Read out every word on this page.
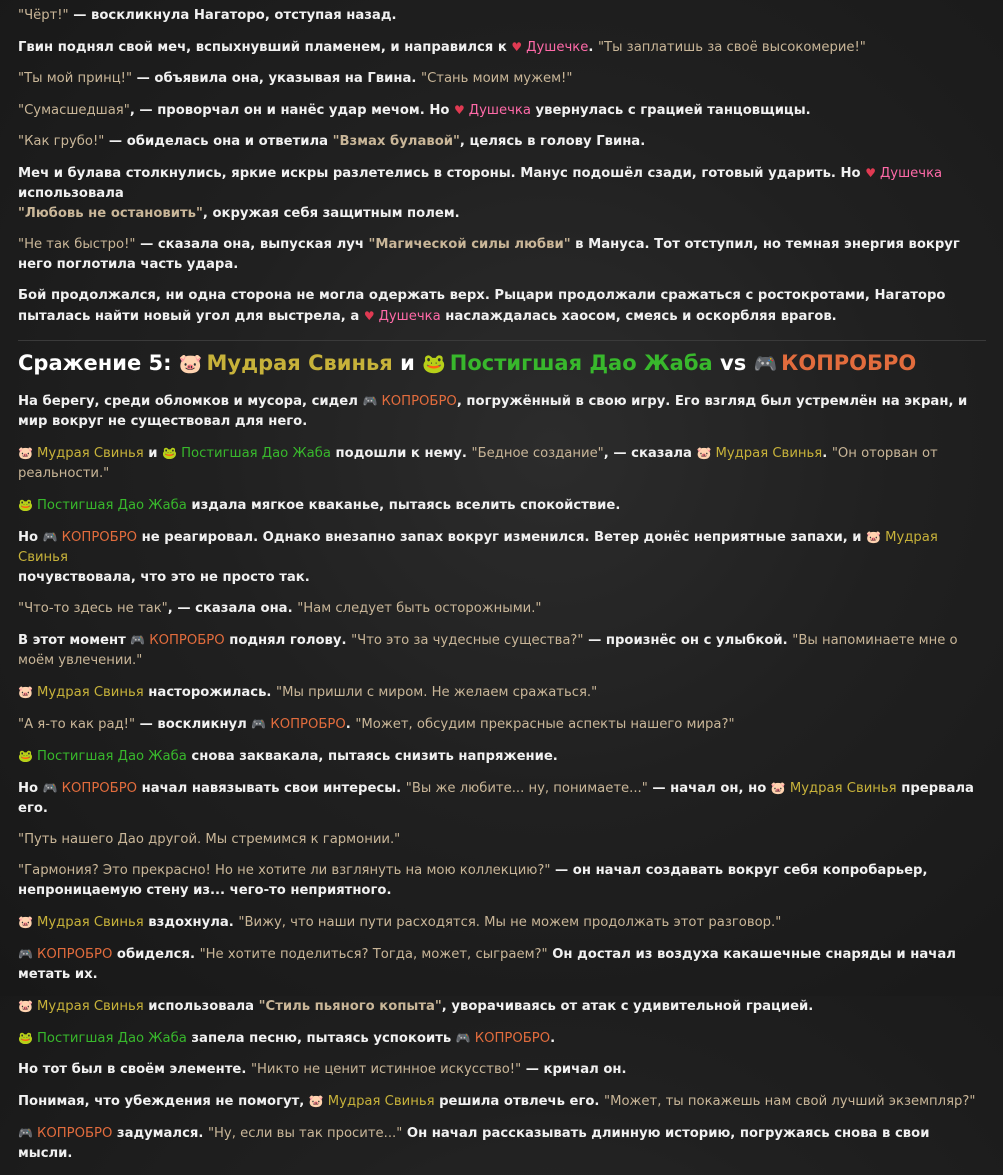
"Чёрт!" — воскликнула Нагаторо, отступая назад.

Гвин поднял свой меч, вспыхнувший пламенем, и направился к ♥ Душечке. "Ты заплатишь за своё высокомерие!"

"Ты мой принц!" — объявила она, указывая на Гвина. "Стань моим мужем!"

"Сумасшедшая", — проворчал он и нанёс удар мечом. Но ♥ Душечка увернулась с грацией танцовщицы.

"Как грубо!" — обиделась она и ответила "Взмах булавой", целясь в голову Гвина.

Меч и булава столкнулись, яркие искры разлетелись в стороны. Манус подошёл сзади, готовый ударить. Но ♥ Душечка использовала
"Любовь не остановить", окружая себя защитным полем.

"Не так быстро!" — сказала она, выпуская луч "Магической силы любви" в Мануса. Тот отступил, но темная энергия вокруг него поглотила часть удара.

Бой продолжался, ни одна сторона не могла одержать верх. Рыцари продолжали сражаться с ростокротами, Нагаторо пыталась найти новый угол для выстрела, а ♥ Душечка наслаждалась хаосом, смеясь и оскорбляя врагов.

Сражение 5: 🐷 Мудрая Свинья и 🐸 Постигшая Дао Жаба vs 🎮 КОПРОБРО

На берегу, среди обломков и мусора, сидел 🎮 КОПРОБРО, погружённый в свою игру. Его взгляд был устремлён на экран, и мир вокруг не существовал для него.

🐷 Мудрая Свинья и 🐸 Постигшая Дао Жаба подошли к нему. "Бедное создание", — сказала 🐷 Мудрая Свинья. "Он оторван от реальности."

🐸 Постигшая Дао Жаба издала мягкое кваканье, пытаясь вселить спокойствие.

Но 🎮 КОПРОБРО не реагировал. Однако внезапно запах вокруг изменился. Ветер донёс неприятные запахи, и 🐷 Мудрая Свинья
почувствовала, что это не просто так.

"Что-то здесь не так", — сказала она. "Нам следует быть осторожными."

В этот момент 🎮 КОПРОБРО поднял голову. "Что это за чудесные существа?" — произнёс он с улыбкой. "Вы напоминаете мне о моём увлечении."

🐷 Мудрая Свинья насторожилась. "Мы пришли с миром. Не желаем сражаться."

"А я-то как рад!" — воскликнул 🎮 КОПРОБРО. "Может, обсудим прекрасные аспекты нашего мира?"

🐸 Постигшая Дао Жаба снова заквакала, пытаясь снизить напряжение.

Но 🎮 КОПРОБРО начал навязывать свои интересы. "Вы же любите... ну, понимаете..." — начал он, но 🐷 Мудрая Свинья прервала его.

"Путь нашего Дао другой. Мы стремимся к гармонии."

"Гармония? Это прекрасно! Но не хотите ли взглянуть на мою коллекцию?" — он начал создавать вокруг себя копробарьер, непроницаемую стену из... чего-то неприятного.

🐷 Мудрая Свинья вздохнула. "Вижу, что наши пути расходятся. Мы не можем продолжать этот разговор."

🎮 КОПРОБРО обиделся. "Не хотите поделиться? Тогда, может, сыграем?" Он достал из воздуха какашечные снаряды и начал метать их.

🐷 Мудрая Свинья использовала "Стиль пьяного копыта", уворачиваясь от атак с удивительной грацией.

🐸 Постигшая Дао Жаба запела песню, пытаясь успокоить 🎮 КОПРОБРО.

Но тот был в своём элементе. "Никто не ценит истинное искусство!" — кричал он.

Понимая, что убеждения не помогут, 🐷 Мудрая Свинья решила отвлечь его. "Может, ты покажешь нам свой лучший экземпляр?"

🎮 КОПРОБРО задумался. "Ну, если вы так просите..." Он начал рассказывать длинную историю, погружаясь снова в свои мысли.
